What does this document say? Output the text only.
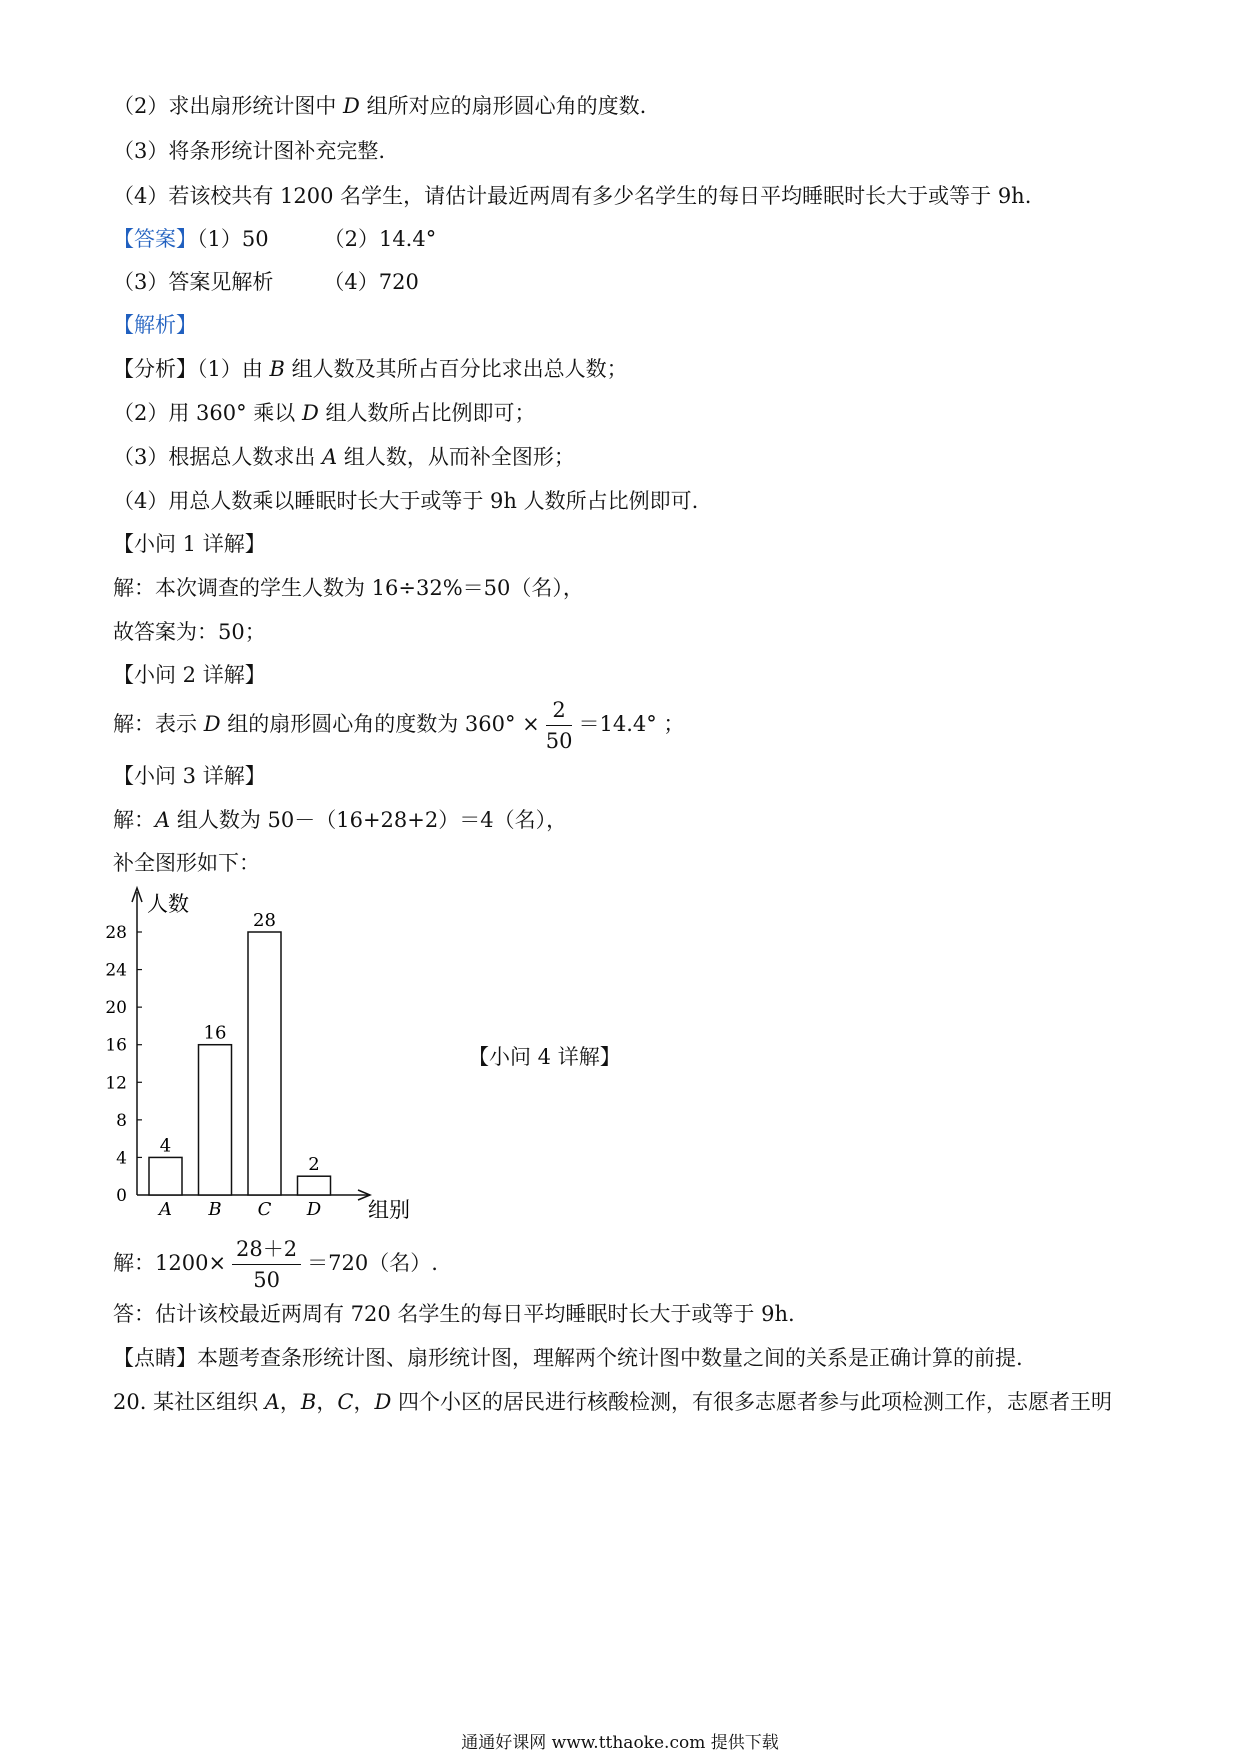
（2）求出扇形统计图中 D 组所对应的扇形圆心角的度数.
（3）将条形统计图补充完整.
（4）若该校共有 1200 名学生，请估计最近两周有多少名学生的每日平均睡眠时长大于或等于 9h.
【答案】（1）50	（2）14.4°
（3）答案见解析 （4）720
【解析】
【分析】（1）由 B 组人数及其所占百分比求出总人数；
（2）用 360° 乘以 D 组人数所占比例即可；
（3）根据总人数求出 A 组人数，从而补全图形；
（4）用总人数乘以睡眠时长大于或等于 9h 人数所占比例即可.
【小问 1 详解】
解：本次调查的学生人数为 16÷32%＝50（名），
故答案为：50；
【小问 2 详解】
解：表示 D 组的扇形圆心角的度数为 $360^\circ \times \frac{2}{50} =14.4^\circ$ ；
【小问 3 详解】
解：A 组人数为 50－（16+28+2）＝4（名），
补全图形如下：
人数
组别
0
4
8
12
16
20
24
28
4
A
16
B
28
C
2
D
【小问 4 详解】
解：$1200\times \frac{28+2}{50} =720$（名）.
答：估计该校最近两周有 720 名学生的每日平均睡眠时长大于或等于 9h.
【点睛】本题考查条形统计图、扇形统计图，理解两个统计图中数量之间的关系是正确计算的前提.
20. 某社区组织 A，B，C，D 四个小区的居民进行核酸检测，有很多志愿者参与此项检测工作，志愿者王明
通通好课网 www.tthaoke.com 提供下载
